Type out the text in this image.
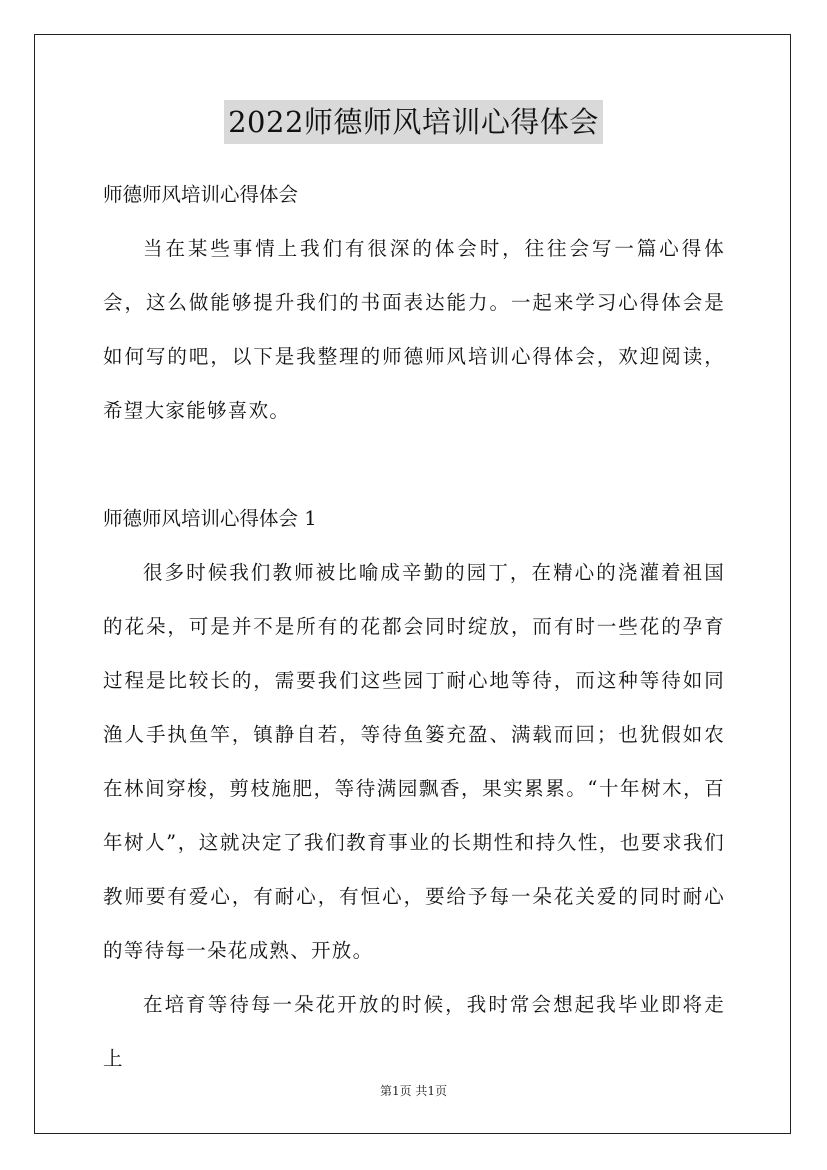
2022师德师风培训心得体会

师德师风培训心得体会

当在某些事情上我们有很深的体会时，往往会写一篇心得体会，这么做能够提升我们的书面表达能力。一起来学习心得体会是如何写的吧，以下是我整理的师德师风培训心得体会，欢迎阅读，希望大家能够喜欢。

师德师风培训心得体会 1

很多时候我们教师被比喻成辛勤的园丁，在精心的浇灌着祖国的花朵，可是并不是所有的花都会同时绽放，而有时一些花的孕育过程是比较长的，需要我们这些园丁耐心地等待，而这种等待如同渔人手执鱼竿，镇静自若，等待鱼篓充盈、满载而回；也犹假如农在林间穿梭，剪枝施肥，等待满园飘香，果实累累。“十年树木，百年树人”，这就决定了我们教育事业的长期性和持久性，也要求我们教师要有爱心，有耐心，有恒心，要给予每一朵花关爱的同时耐心的等待每一朵花成熟、开放。

在培育等待每一朵花开放的时候，我时常会想起我毕业即将走上

第1页 共1页
